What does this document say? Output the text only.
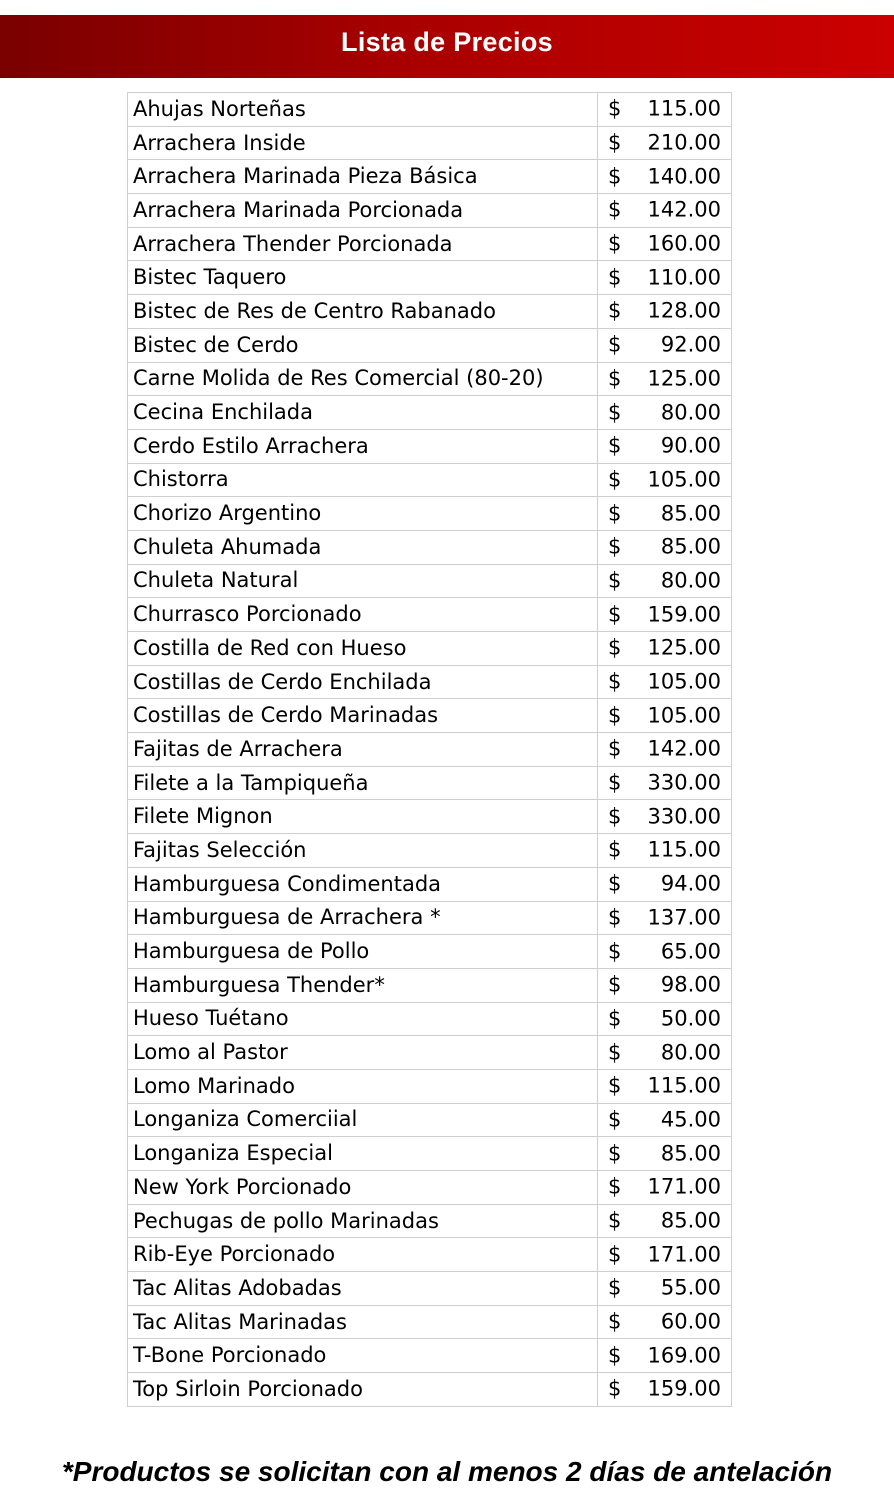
Lista de Precios
Ahujas Norteñas	$ 115.00

Arrachera Inside	$ 210.00

Arrachera Marinada Pieza Básica	$ 140.00

Arrachera Marinada Porcionada	$ 142.00

Arrachera Thender Porcionada	$ 160.00

Bistec Taquero	$ 110.00

Bistec de Res de Centro Rabanado	$ 128.00

Bistec de Cerdo	$ 92.00

Carne Molida de Res Comercial (80-20)	$ 125.00

Cecina Enchilada	$ 80.00

Cerdo Estilo Arrachera	$ 90.00

Chistorra	$ 105.00

Chorizo Argentino	$ 85.00

Chuleta Ahumada	$ 85.00

Chuleta Natural	$ 80.00

Churrasco Porcionado	$ 159.00

Costilla de Red con Hueso	$ 125.00

Costillas de Cerdo Enchilada	$ 105.00

Costillas de Cerdo Marinadas	$ 105.00

Fajitas de Arrachera	$ 142.00

Filete a la Tampiqueña	$ 330.00

Filete Mignon	$ 330.00

Fajitas Selección	$ 115.00

Hamburguesa Condimentada	$ 94.00

Hamburguesa de Arrachera *	$ 137.00

Hamburguesa de Pollo	$ 65.00

Hamburguesa Thender*	$ 98.00

Hueso Tuétano	$ 50.00

Lomo al Pastor	$ 80.00

Lomo Marinado	$ 115.00

Longaniza Comerciial	$ 45.00

Longaniza Especial	$ 85.00

New York Porcionado	$ 171.00

Pechugas de pollo Marinadas	$ 85.00

Rib-Eye Porcionado	$ 171.00

Tac Alitas Adobadas	$ 55.00

Tac Alitas Marinadas	$ 60.00

T-Bone Porcionado	$ 169.00

Top Sirloin Porcionado	$ 159.00
*Productos se solicitan con al menos 2 días de antelación
